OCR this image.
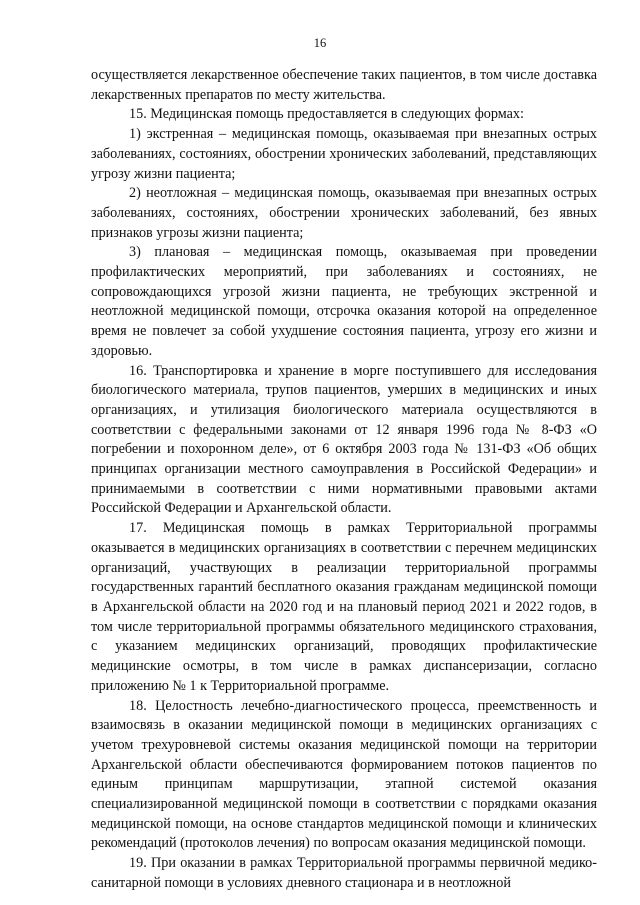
16

осуществляется лекарственное обеспечение таких пациентов, в том числе доставка лекарственных препаратов по месту жительства.

15. Медицинская помощь предоставляется в следующих формах:

1) экстренная – медицинская помощь, оказываемая при внезапных острых заболеваниях, состояниях, обострении хронических заболеваний, представляющих угрозу жизни пациента;

2) неотложная – медицинская помощь, оказываемая при внезапных острых заболеваниях, состояниях, обострении хронических заболеваний, без явных признаков угрозы жизни пациента;

3) плановая – медицинская помощь, оказываемая при проведении профилактических мероприятий, при заболеваниях и состояниях, не сопровождающихся угрозой жизни пациента, не требующих экстренной и неотложной медицинской помощи, отсрочка оказания которой на определенное время не повлечет за собой ухудшение состояния пациента, угрозу его жизни и здоровью.

16. Транспортировка и хранение в морге поступившего для исследования биологического материала, трупов пациентов, умерших в медицинских и иных организациях, и утилизация биологического материала осуществляются в соответствии с федеральными законами от 12 января 1996 года № 8-ФЗ «О погребении и похоронном деле», от 6 октября 2003 года № 131-ФЗ «Об общих принципах организации местного самоуправления в Российской Федерации» и принимаемыми в соответствии с ними нормативными правовыми актами Российской Федерации и Архангельской области.

17. Медицинская помощь в рамках Территориальной программы оказывается в медицинских организациях в соответствии с перечнем медицинских организаций, участвующих в реализации территориальной программы государственных гарантий бесплатного оказания гражданам медицинской помощи в Архангельской области на 2020 год и на плановый период 2021 и 2022 годов, в том числе территориальной программы обязательного медицинского страхования, с указанием медицинских организаций, проводящих профилактические медицинские осмотры, в том числе в рамках диспансеризации, согласно приложению № 1 к Территориальной программе.

18. Целостность лечебно-диагностического процесса, преемственность и взаимосвязь в оказании медицинской помощи в медицинских организациях с учетом трехуровневой системы оказания медицинской помощи на территории Архангельской области обеспечиваются формированием потоков пациентов по единым принципам маршрутизации, этапной системой оказания специализированной медицинской помощи в соответствии с порядками оказания медицинской помощи, на основе стандартов медицинской помощи и клинических рекомендаций (протоколов лечения) по вопросам оказания медицинской помощи.

19. При оказании в рамках Территориальной программы первичной медико-санитарной помощи в условиях дневного стационара и в неотложной
